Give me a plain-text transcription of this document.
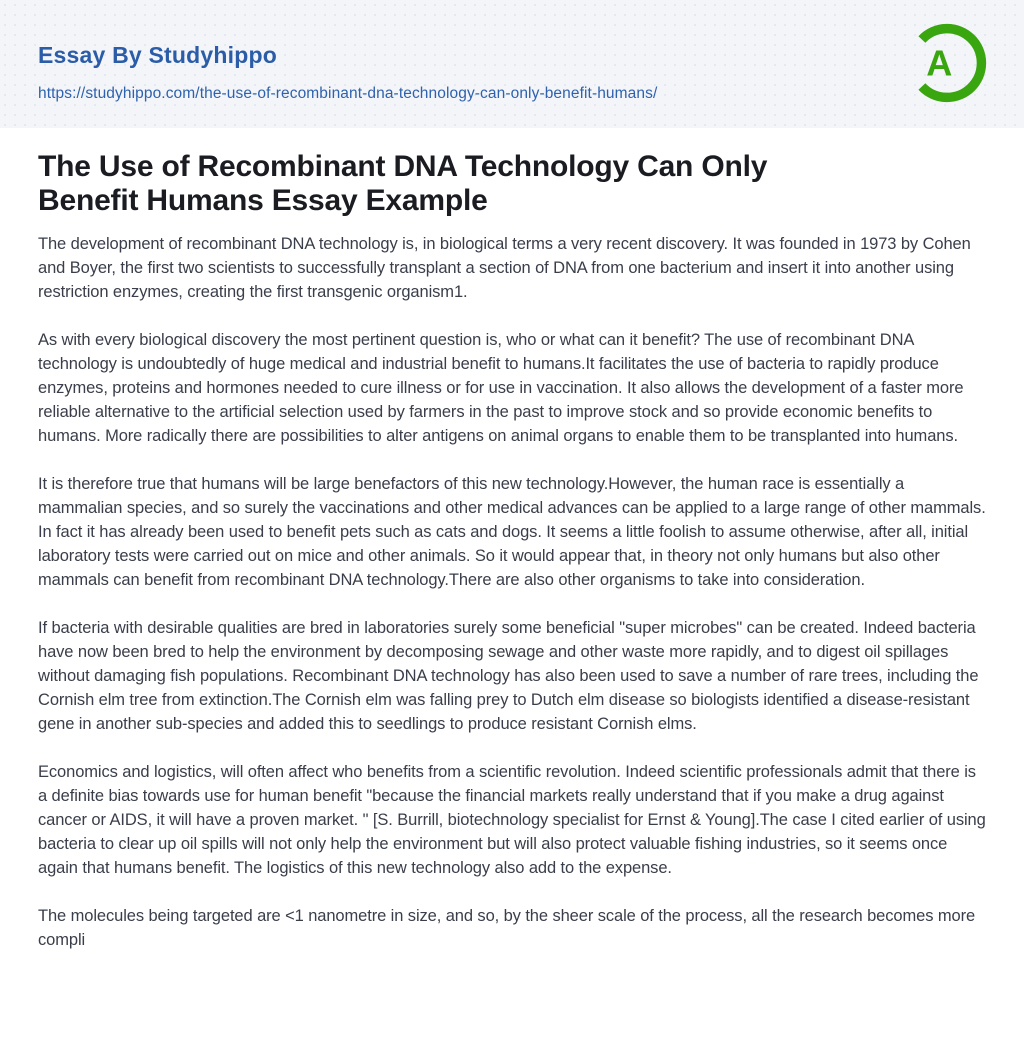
Essay By Studyhippo
https://studyhippo.com/the-use-of-recombinant-dna-technology-can-only-benefit-humans/
A
The Use of Recombinant DNA Technology Can Only Benefit Humans Essay Example

The development of recombinant DNA technology is, in biological terms a very recent discovery. It was founded in 1973 by Cohen and Boyer, the first two scientists to successfully transplant a section of DNA from one bacterium and insert it into another using restriction enzymes, creating the first transgenic organism1.

As with every biological discovery the most pertinent question is, who or what can it benefit? The use of recombinant DNA technology is undoubtedly of huge medical and industrial benefit to humans.It facilitates the use of bacteria to rapidly produce enzymes, proteins and hormones needed to cure illness or for use in vaccination. It also allows the development of a faster more reliable alternative to the artificial selection used by farmers in the past to improve stock and so provide economic benefits to humans. More radically there are possibilities to alter antigens on animal organs to enable them to be transplanted into humans.

It is therefore true that humans will be large benefactors of this new technology.However, the human race is essentially a mammalian species, and so surely the vaccinations and other medical advances can be applied to a large range of other mammals. In fact it has already been used to benefit pets such as cats and dogs. It seems a little foolish to assume otherwise, after all, initial laboratory tests were carried out on mice and other animals. So it would appear that, in theory not only humans but also other mammals can benefit from recombinant DNA technology.There are also other organisms to take into consideration.

If bacteria with desirable qualities are bred in laboratories surely some beneficial "super microbes" can be created. Indeed bacteria have now been bred to help the environment by decomposing sewage and other waste more rapidly, and to digest oil spillages without damaging fish populations. Recombinant DNA technology has also been used to save a number of rare trees, including the Cornish elm tree from extinction.The Cornish elm was falling prey to Dutch elm disease so biologists identified a disease-resistant gene in another sub-species and added this to seedlings to produce resistant Cornish elms.

Economics and logistics, will often affect who benefits from a scientific revolution. Indeed scientific professionals admit that there is a definite bias towards use for human benefit "because the financial markets really understand that if you make a drug against cancer or AIDS, it will have a proven market. " [S. Burrill, biotechnology specialist for Ernst & Young].The case I cited earlier of using bacteria to clear up oil spills will not only help the environment but will also protect valuable fishing industries, so it seems once again that humans benefit. The logistics of this new technology also add to the expense.

The molecules being targeted are <1 nanometre in size, and so, by the sheer scale of the process, all the research becomes more compli
